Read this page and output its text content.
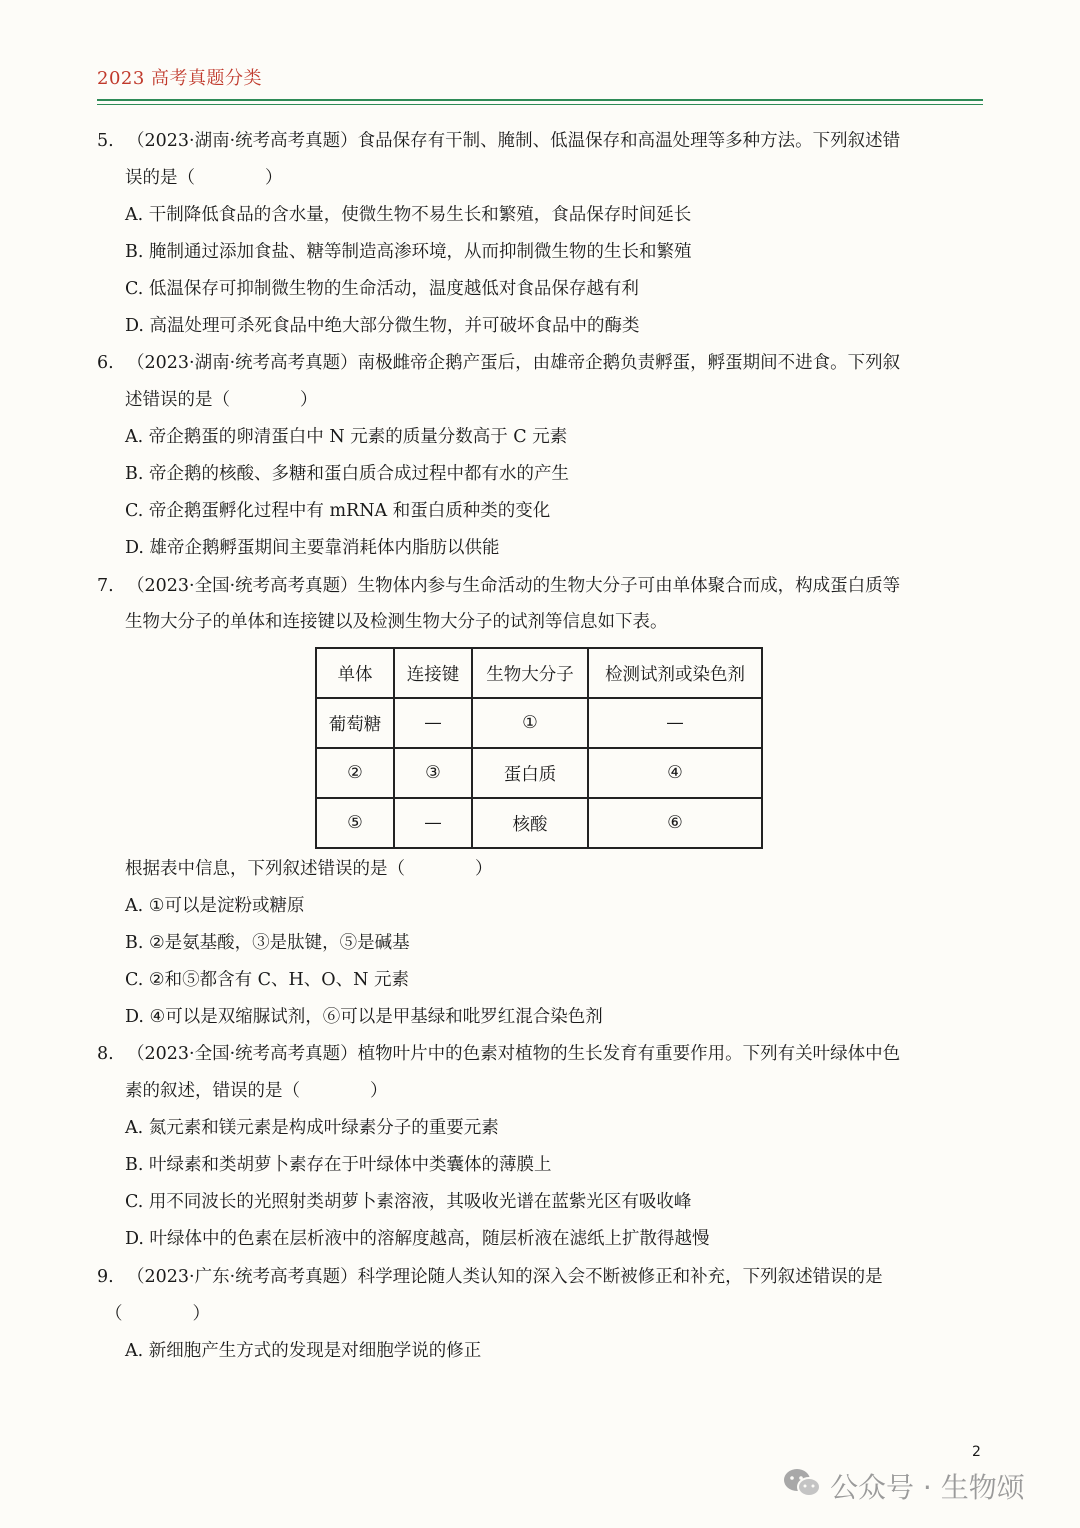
2023 高考真题分类
5. （2023·湖南·统考高考真题）食品保存有干制、腌制、低温保存和高温处理等多种方法。下列叙述错
误的是（　　　　）
A. 干制降低食品的含水量，使微生物不易生长和繁殖，食品保存时间延长
B. 腌制通过添加食盐、糖等制造高渗环境，从而抑制微生物的生长和繁殖
C. 低温保存可抑制微生物的生命活动，温度越低对食品保存越有利
D. 高温处理可杀死食品中绝大部分微生物，并可破坏食品中的酶类
6. （2023·湖南·统考高考真题）南极雌帝企鹅产蛋后，由雄帝企鹅负责孵蛋，孵蛋期间不进食。下列叙
述错误的是（　　　　）
A. 帝企鹅蛋的卵清蛋白中 N 元素的质量分数高于 C 元素
B. 帝企鹅的核酸、多糖和蛋白质合成过程中都有水的产生
C. 帝企鹅蛋孵化过程中有 mRNA 和蛋白质种类的变化
D. 雄帝企鹅孵蛋期间主要靠消耗体内脂肪以供能
7. （2023·全国·统考高考真题）生物体内参与生命活动的生物大分子可由单体聚合而成，构成蛋白质等
生物大分子的单体和连接键以及检测生物大分子的试剂等信息如下表。
单体	连接键	生物大分子	检测试剂或染色剂
葡萄糖	—	①	—
②	③	蛋白质	④
⑤	—	核酸	⑥
根据表中信息，下列叙述错误的是（　　　　）
A. ①可以是淀粉或糖原
B. ②是氨基酸，③是肽键，⑤是碱基
C. ②和⑤都含有 C、H、O、N 元素
D. ④可以是双缩脲试剂，⑥可以是甲基绿和吡罗红混合染色剂
8. （2023·全国·统考高考真题）植物叶片中的色素对植物的生长发育有重要作用。下列有关叶绿体中色
素的叙述，错误的是（　　　　）
A. 氮元素和镁元素是构成叶绿素分子的重要元素
B. 叶绿素和类胡萝卜素存在于叶绿体中类囊体的薄膜上
C. 用不同波长的光照射类胡萝卜素溶液，其吸收光谱在蓝紫光区有吸收峰
D. 叶绿体中的色素在层析液中的溶解度越高，随层析液在滤纸上扩散得越慢
9. （2023·广东·统考高考真题）科学理论随人类认知的深入会不断被修正和补充，下列叙述错误的是
（　　　　）
A. 新细胞产生方式的发现是对细胞学说的修正
2
公众号 · 生物颂
